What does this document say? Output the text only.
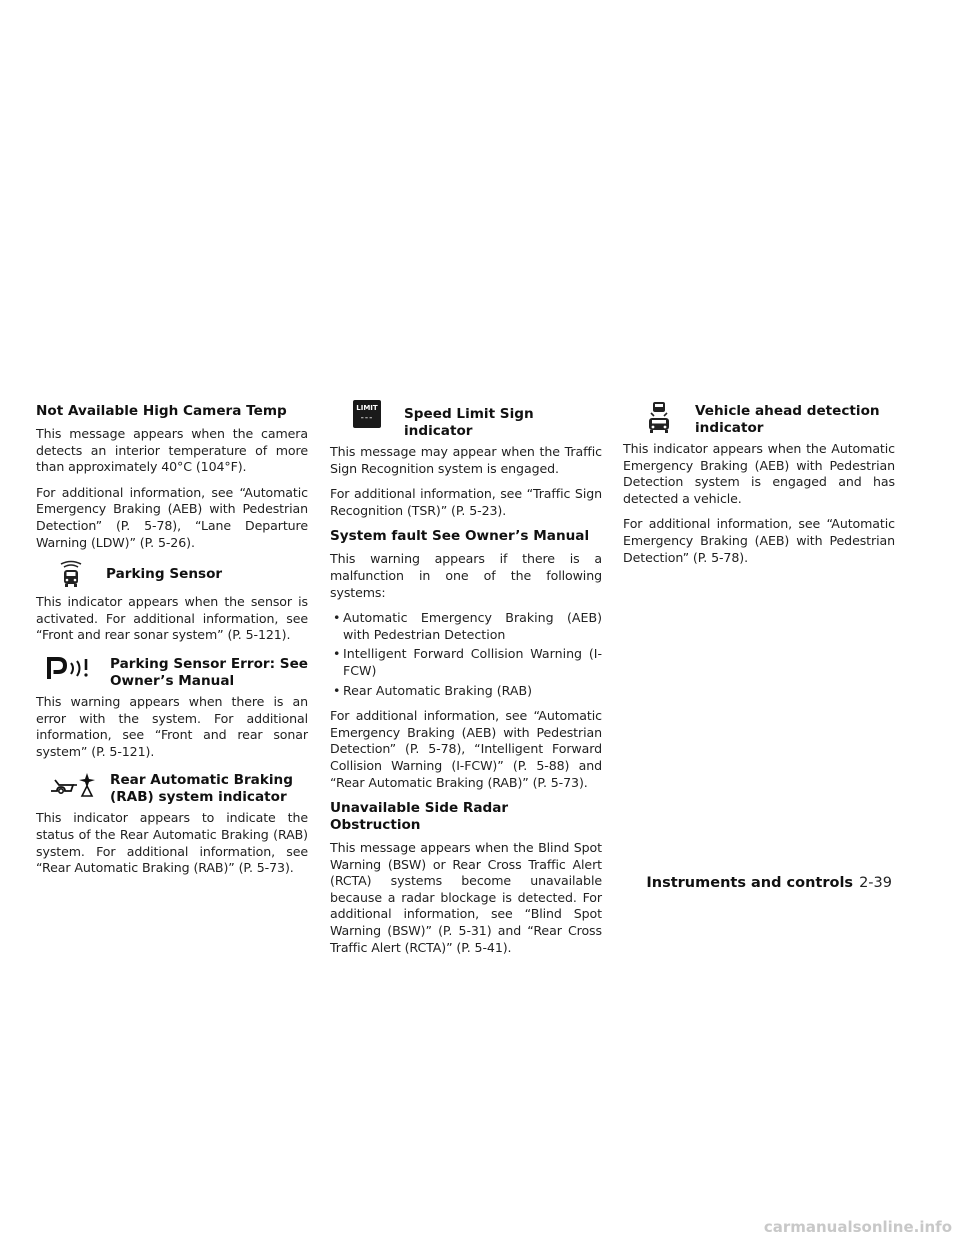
Not Available High Camera Temp

This message appears when the camera detects an interior temperature of more than approximately 40°C (104°F).

For additional information, see “Automatic Emergency Braking (AEB) with Pedestrian Detection” (P. 5-78), “Lane Departure Warning (LDW)” (P. 5-26).

Parking Sensor

This indicator appears when the sensor is activated. For additional information, see “Front and rear sonar system” (P. 5-121).

Parking Sensor Error: See
Owner’s Manual

This warning appears when there is an error with the system. For additional information, see “Front and rear sonar system” (P. 5-121).

Rear Automatic Braking
(RAB) system indicator

This indicator appears to indicate the status of the Rear Automatic Braking (RAB) system. For additional information, see “Rear Automatic Braking (RAB)” (P. 5-73).

LIMIT
---	Speed Limit Sign indicator

This message may appear when the Traffic Sign Recognition system is engaged.

For additional information, see “Traffic Sign Recognition (TSR)” (P. 5-23).

System fault See Owner’s Manual

This warning appears if there is a malfunction in one of the following systems:

• Automatic Emergency Braking (AEB) with Pedestrian Detection
• Intelligent Forward Collision Warning (I-FCW)
• Rear Automatic Braking (RAB)

For additional information, see “Automatic Emergency Braking (AEB) with Pedestrian Detection” (P. 5-78), “Intelligent Forward Collision Warning (I-FCW)” (P. 5-88) and “Rear Automatic Braking (RAB)” (P. 5-73).

Unavailable Side Radar Obstruction

This message appears when the Blind Spot Warning (BSW) or Rear Cross Traffic Alert (RCTA) systems become unavailable because a radar blockage is detected. For additional information, see “Blind Spot Warning (BSW)” (P. 5-31) and “Rear Cross Traffic Alert (RCTA)” (P. 5-41).

Vehicle ahead detection
indicator

This indicator appears when the Automatic Emergency Braking (AEB) with Pedestrian Detection system is engaged and has detected a vehicle.

For additional information, see “Automatic Emergency Braking (AEB) with Pedestrian Detection” (P. 5-78).

Instruments and controls 2-39
carmanualsonline.info
